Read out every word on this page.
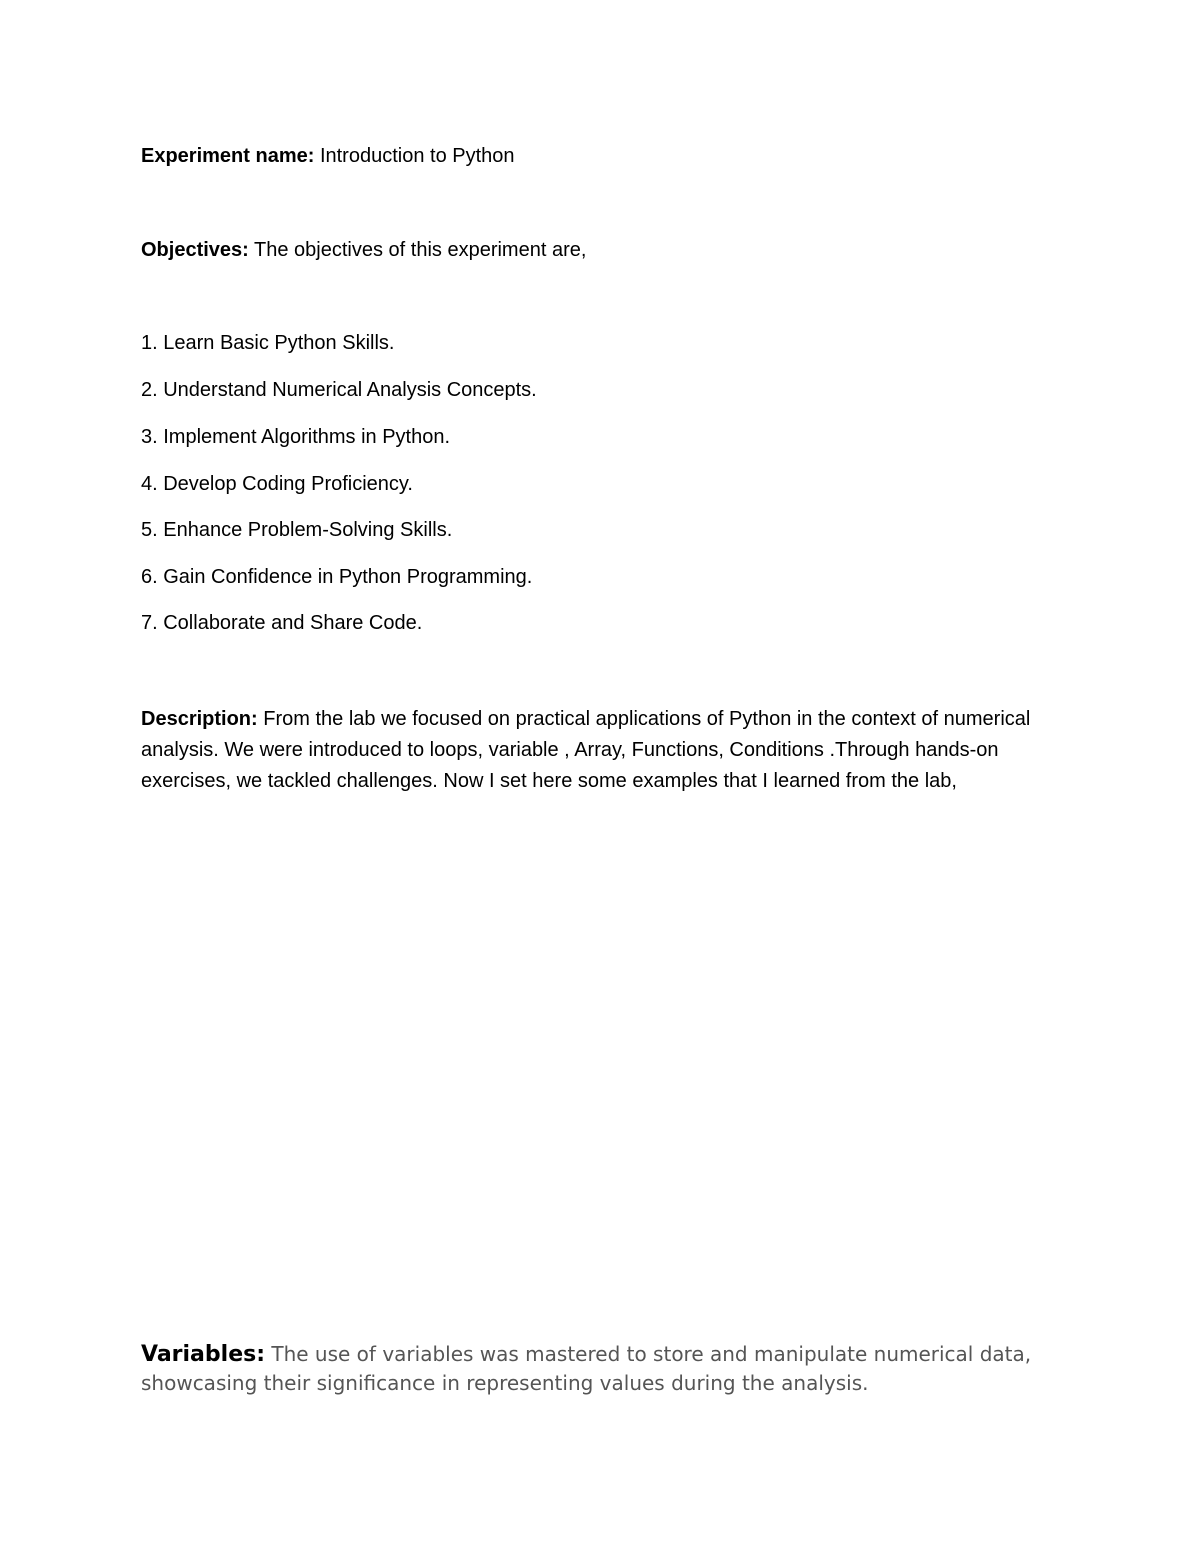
Experiment name: Introduction to Python
Objectives: The objectives of this experiment are,
1. Learn Basic Python Skills.
2. Understand Numerical Analysis Concepts.
3. Implement Algorithms in Python.
4. Develop Coding Proficiency.
5. Enhance Problem-Solving Skills.
6. Gain Confidence in Python Programming.
7. Collaborate and Share Code.
Description: From the lab we focused on practical applications of Python in the context of numerical analysis. We were introduced to loops, variable , Array, Functions, Conditions .Through hands-on exercises, we tackled challenges. Now I set here some examples that I learned from the lab,
Variables: The use of variables was mastered to store and manipulate numerical data, showcasing their significance in representing values during the analysis.
